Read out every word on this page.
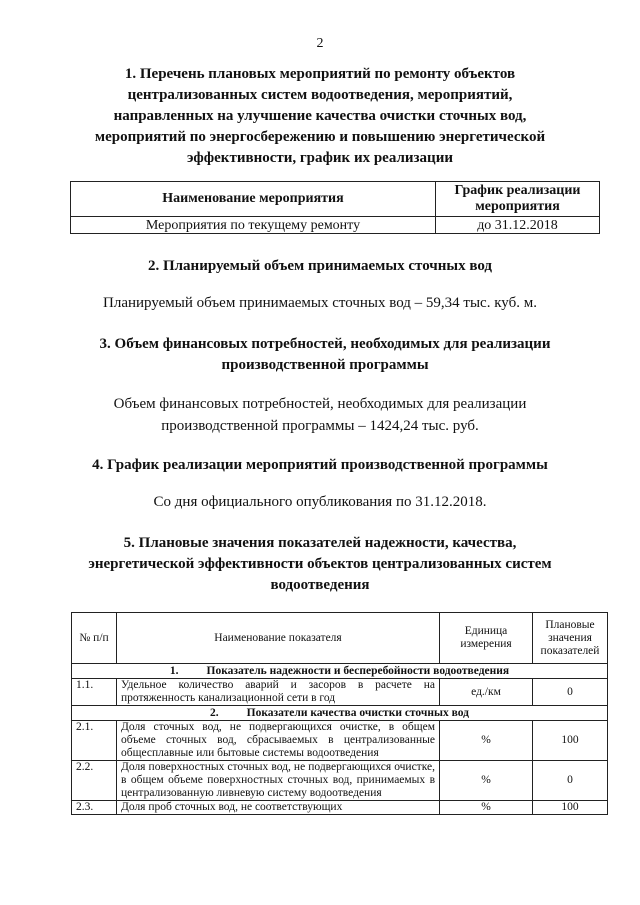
2
1. Перечень плановых мероприятий по ремонту объектов
централизованных систем водоотведения, мероприятий,
направленных на улучшение качества очистки сточных вод,
мероприятий по энергосбережению и повышению энергетической
эффективности, график их реализации
Наименование мероприятия	График реализации мероприятия
Мероприятия по текущему ремонту	до 31.12.2018
2. Планируемый объем принимаемых сточных вод
Планируемый объем принимаемых сточных вод – 59,34 тыс. куб. м.
3. Объем финансовых потребностей, необходимых для реализации
производственной программы
Объем финансовых потребностей, необходимых для реализации
производственной программы – 1424,24 тыс. руб.
4. График реализации мероприятий производственной программы
Со дня официального опубликования по 31.12.2018.
5. Плановые значения показателей надежности, качества,
энергетической эффективности объектов централизованных систем
водоотведения
№ п/п	Наименование показателя	Единица измерения	Плановые значения показателей
1. Показатель надежности и бесперебойности водоотведения			
1.1.	Удельное количество аварий и засоров в расчете на протяженность канализационной сети в год	ед./км	0
2. Показатели качества очистки сточных вод			
2.1.	Доля сточных вод, не подвергающихся очистке, в общем объеме сточных вод, сбрасываемых в централизованные общесплавные или бытовые системы водоотведения	%	100
2.2.	Доля поверхностных сточных вод, не подвергающихся очистке, в общем объеме поверхностных сточных вод, принимаемых в централизованную ливневую систему водоотведения	%	0
2.3.	Доля проб сточных вод, не соответствующих	%	100
